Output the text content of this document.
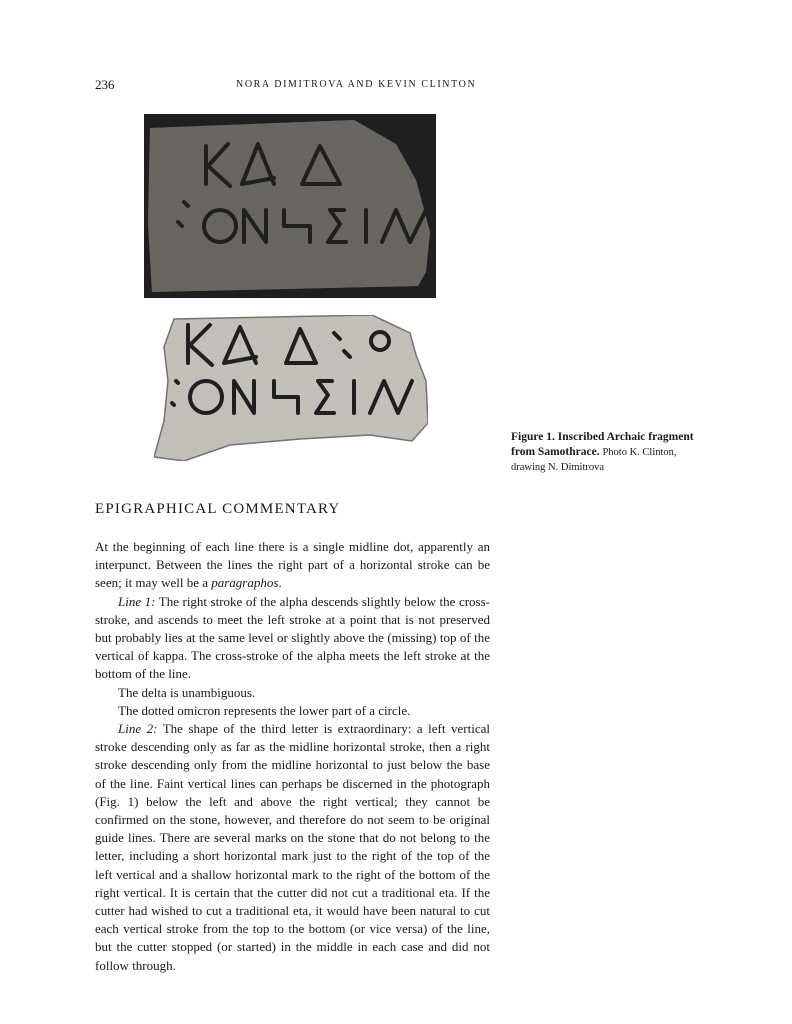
236	NORA DIMITROVA AND KEVIN CLINTON
Figure 1. Inscribed Archaic fragment from Samothrace. Photo K. Clinton, drawing N. Dimitrova
EPIGRAPHICAL COMMENTARY

At the beginning of each line there is a single midline dot, apparently an interpunct. Between the lines the right part of a horizontal stroke can be seen; it may well be a paragraphos.

Line 1: The right stroke of the alpha descends slightly below the cross-stroke, and ascends to meet the left stroke at a point that is not preserved but probably lies at the same level or slightly above the (missing) top of the vertical of kappa. The cross-stroke of the alpha meets the left stroke at the bottom of the line.

The delta is unambiguous.

The dotted omicron represents the lower part of a circle.

Line 2: The shape of the third letter is extraordinary: a left vertical stroke descending only as far as the midline horizontal stroke, then a right stroke descending only from the midline horizontal to just below the base of the line. Faint vertical lines can perhaps be discerned in the photograph (Fig. 1) below the left and above the right vertical; they cannot be confirmed on the stone, however, and therefore do not seem to be original guide lines. There are several marks on the stone that do not belong to the letter, including a short horizontal mark just to the right of the top of the left vertical and a shallow horizontal mark to the right of the bottom of the right vertical. It is certain that the cutter did not cut a traditional eta. If the cutter had wished to cut a traditional eta, it would have been natural to cut each vertical stroke from the top to the bottom (or vice versa) of the line, but the cutter stopped (or started) in the middle in each case and did not follow through.
